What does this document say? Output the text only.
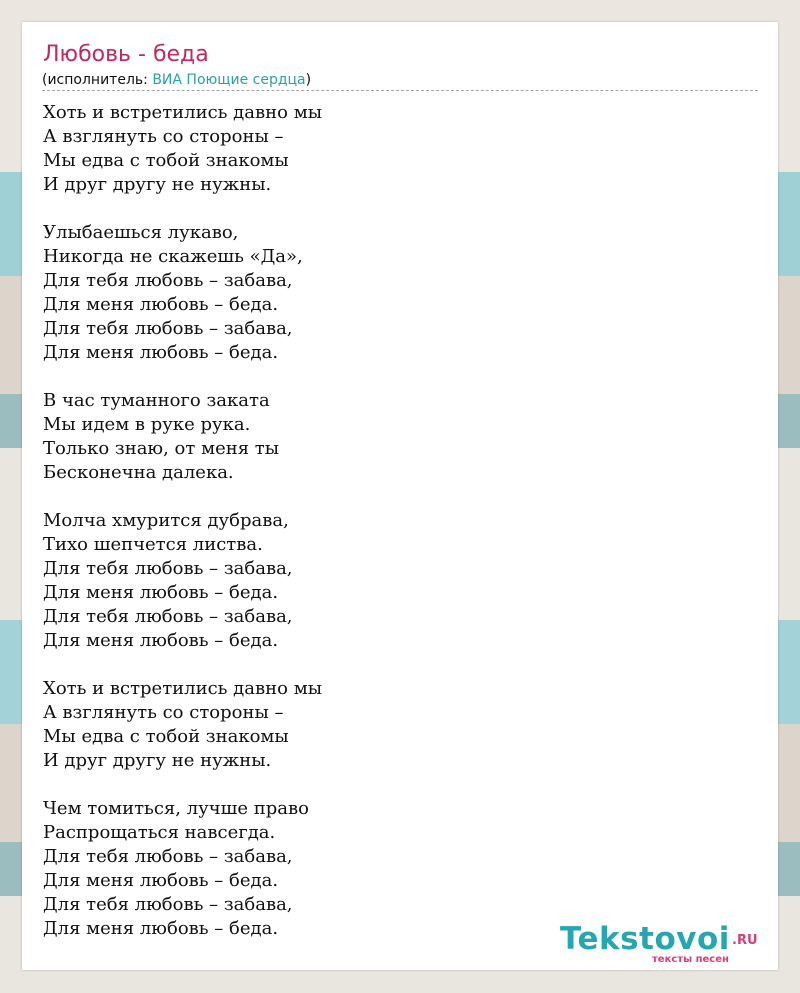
Любовь - беда
(исполнитель: ВИА Поющие сердца)
Хоть и встретились давно мы
А взглянуть со стороны –
Мы едва с тобой знакомы
И друг другу не нужны.
Улыбаешься лукаво,
Никогда не скажешь «Да»,
Для тебя любовь – забава,
Для меня любовь – беда.
Для тебя любовь – забава,
Для меня любовь – беда.
В час туманного заката
Мы идем в руке рука.
Только знаю, от меня ты
Бесконечна далека.
Молча хмурится дубрава,
Тихо шепчется листва.
Для тебя любовь – забава,
Для меня любовь – беда.
Для тебя любовь – забава,
Для меня любовь – беда.
Хоть и встретились давно мы
А взглянуть со стороны –
Мы едва с тобой знакомы
И друг другу не нужны.
Чем томиться, лучше право
Распрощаться навсегда.
Для тебя любовь – забава,
Для меня любовь – беда.
Для тебя любовь – забава,
Для меня любовь – беда.	Tekstovoi .RU
тексты песен
